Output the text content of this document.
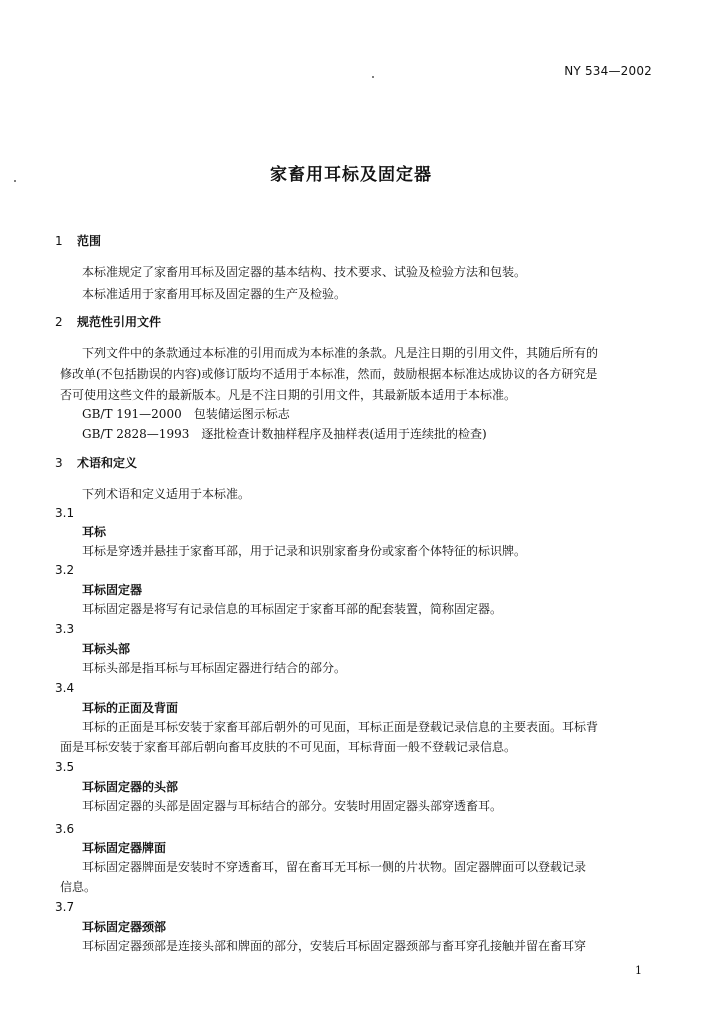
NY 534—2002
家畜用耳标及固定器
1 范围
本标准规定了家畜用耳标及固定器的基本结构、技术要求、试验及检验方法和包装。
本标准适用于家畜用耳标及固定器的生产及检验。
2 规范性引用文件
下列文件中的条款通过本标准的引用而成为本标准的条款。凡是注日期的引用文件，其随后所有的
修改单(不包括勘误的内容)或修订版均不适用于本标准，然而，鼓励根据本标准达成协议的各方研究是
否可使用这些文件的最新版本。凡是不注日期的引用文件，其最新版本适用于本标准。
GB/T 191—2000　包装储运图示标志
GB/T 2828—1993　逐批检查计数抽样程序及抽样表(适用于连续批的检查)
3 术语和定义
下列术语和定义适用于本标准。
3.1
耳标
耳标是穿透并悬挂于家畜耳部，用于记录和识别家畜身份或家畜个体特征的标识牌。
3.2
耳标固定器
耳标固定器是将写有记录信息的耳标固定于家畜耳部的配套装置，简称固定器。
3.3
耳标头部
耳标头部是指耳标与耳标固定器进行结合的部分。
3.4
耳标的正面及背面
耳标的正面是耳标安装于家畜耳部后朝外的可见面，耳标正面是登载记录信息的主要表面。耳标背
面是耳标安装于家畜耳部后朝向畜耳皮肤的不可见面，耳标背面一般不登载记录信息。
3.5
耳标固定器的头部
耳标固定器的头部是固定器与耳标结合的部分。安装时用固定器头部穿透畜耳。
3.6
耳标固定器牌面
耳标固定器牌面是安装时不穿透畜耳，留在畜耳无耳标一侧的片状物。固定器牌面可以登载记录
信息。
3.7
耳标固定器颈部
耳标固定器颈部是连接头部和牌面的部分，安装后耳标固定器颈部与畜耳穿孔接触并留在畜耳穿
1
